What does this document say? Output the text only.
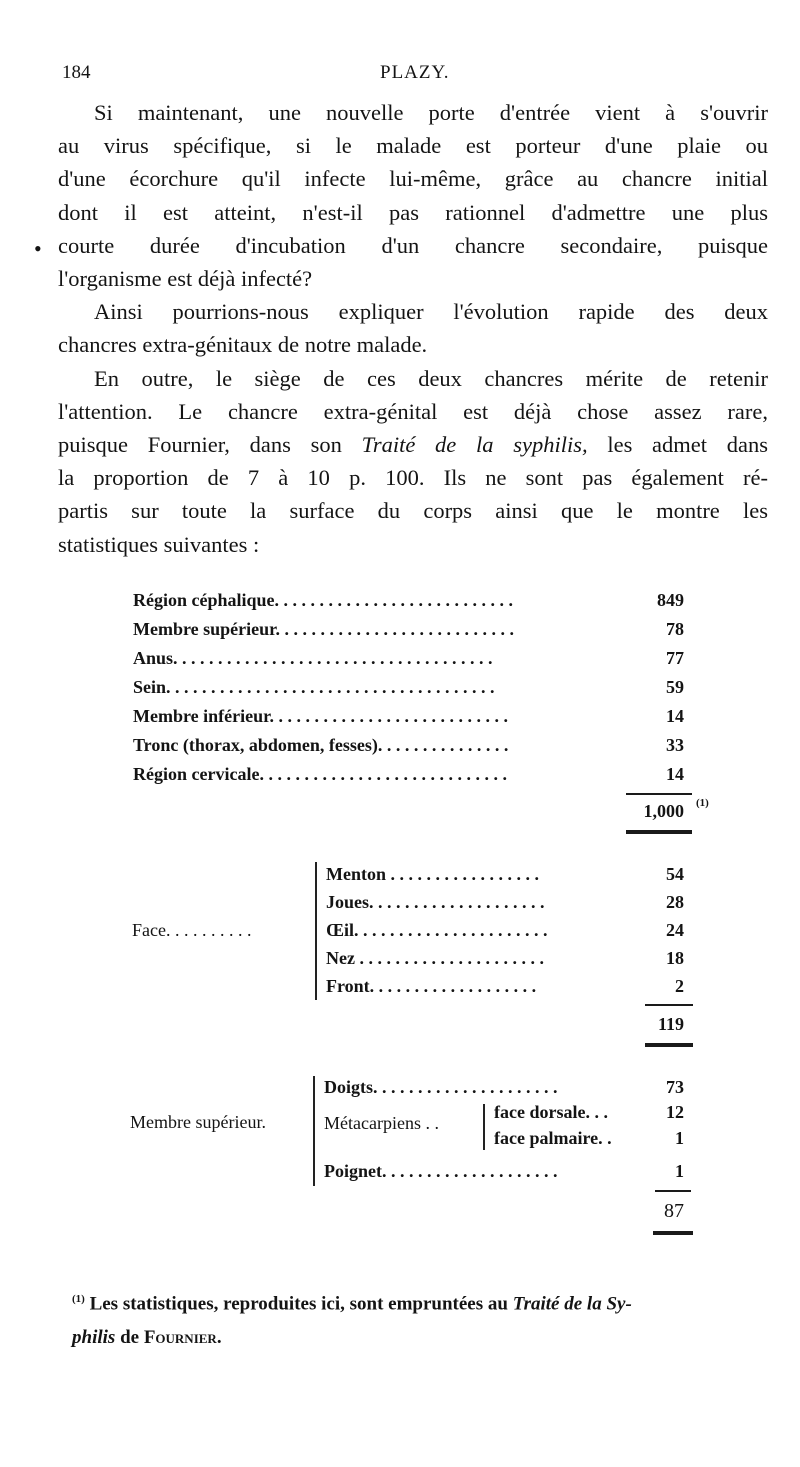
184	PLAZY.
•
Si maintenant, une nouvelle porte d'entrée vient à s'ouvrir
au virus spécifique, si le malade est porteur d'une plaie ou
d'une écorchure qu'il infecte lui-même, grâce au chancre initial
dont il est atteint, n'est-il pas rationnel d'admettre une plus
courte durée d'incubation d'un chancre secondaire, puisque
l'organisme est déjà infecté?
Ainsi pourrions-nous expliquer l'évolution rapide des deux
chancres extra-génitaux de notre malade.
En outre, le siège de ces deux chancres mérite de retenir
l'attention. Le chancre extra-génital est déjà chose assez rare,
puisque Fournier, dans son Traité de la syphilis, les admet dans
la proportion de 7 à 10 p. 100. Ils ne sont pas également ré-
partis sur toute la surface du corps ainsi que le montre les
statistiques suivantes :
Région céphalique. . . . . . . . . . . . . . . . . . . . . . . . . . .
Membre supérieur. . . . . . . . . . . . . . . . . . . . . . . . . . .
Anus. . . . . . . . . . . . . . . . . . . . . . . . . . . . . . . . . . . .
Sein. . . . . . . . . . . . . . . . . . . . . . . . . . . . . . . . . . . . .
Membre inférieur. . . . . . . . . . . . . . . . . . . . . . . . . . .
Tronc (thorax, abdomen, fesses). . . . . . . . . . . . . . .
Région cervicale. . . . . . . . . . . . . . . . . . . . . . . . . . . .
849
78
77
59
14
33
14
1,000 (1)
Face. . . . . . . . . .
Menton . . . . . . . . . . . . . . . . .
Joues. . . . . . . . . . . . . . . . . . . .
Œil. . . . . . . . . . . . . . . . . . . . . .
Nez . . . . . . . . . . . . . . . . . . . . .
Front. . . . . . . . . . . . . . . . . . .
54
28
24
18
2
119
Membre supérieur.
Doigts. . . . . . . . . . . . . . . . . . . . .
Métacarpiens . .
Poignet. . . . . . . . . . . . . . . . . . . .
face dorsale. . .
face palmaire. .
73
12
1
1
87
$^{(1)}$ Les statistiques, reproduites ici, sont empruntées au Traité de la Sy-
philis de Fournier.
